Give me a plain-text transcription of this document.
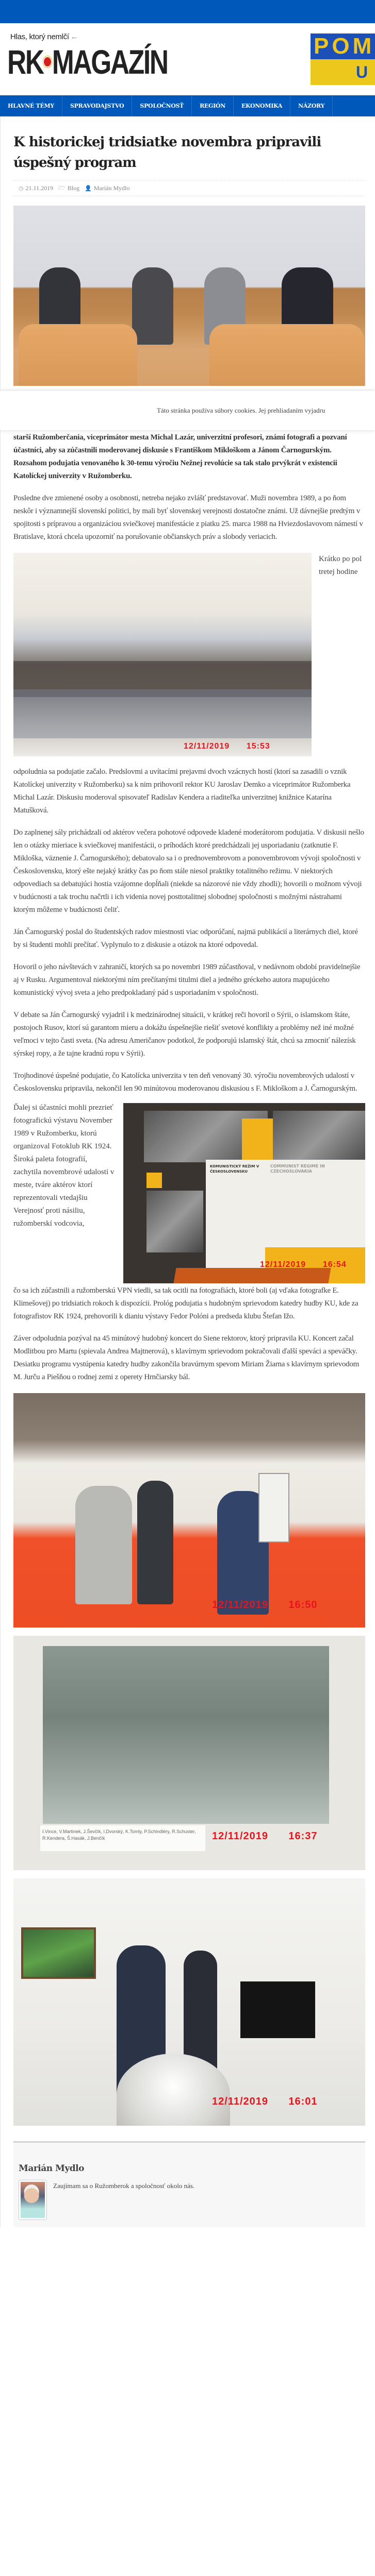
Hlas, ktorý nemlčí ←
RK MAGAZÍN	POM
U
HLAVNÉ TÉMY	SPRAVODAJSTVO	SPOLOČNOSŤ	REGIÓN	EKONOMIKA	NÁZORY
K historickej tridsiatke novembra pripravili úspešný program
◷ 21.11.2019 🗁 Blog 👤 Marián Mydlo
Táto stránka používa súbory cookies. Jej prehliadaním vyjadru

starší Ružomberčania, viceprimátor mesta Michal Lazár, univerzitní profesori, známi fotografi a pozvaní účastníci, aby sa zúčastnili moderovanej diskusie s Františkom Mikloškom a Jánom Čarnogurským. Rozsahom podujatia venovaného k 30-temu výročiu Nežnej revolúcie sa tak stalo prvýkrát v existencii Katolíckej univerzity v Ružomberku.

Posledne dve zmienené osoby a osobnosti, netreba nejako zvlášť predstavovať. Muži novembra 1989, a po ňom neskôr i významnejší slovenskí politici, by mali byť slovenskej verejnosti dostatočne známi. Už dávnejšie predtým v spojitosti s prípravou a organizáciou sviečkovej manifestácie z piatku 25. marca 1988 na Hviezdoslavovom námestí v Bratislave, ktorá chcela upozorniť na porušovanie občianskych práv a slobody veriacich.

12/11/2019      15:53
Krátko po pol tretej hodine

odpoludnia sa podujatie začalo. Predslovmi a uvítacími prejavmi dvoch vzácnych hostí (ktorí sa zasadili o vznik Katolíckej univerzity v Ružomberku) sa k nim prihovoril rektor KU Jaroslav Demko a viceprimátor Ružomberka Michal Lazár. Diskusiu moderoval spisovateľ Radislav Kendera a riaditeľka univerzitnej knižnice Katarína Matušková.

Do zaplnenej sály prichádzali od aktérov večera pohotové odpovede kladené moderátorom podujatia. V diskusii nešlo len o otázky mieriace k sviečkovej manifestácii, o príhodách ktoré predchádzali jej usporiadaniu (zatknutie F. Mikloška, väznenie J. Čarnogurského); debatovalo sa i o prednovembrovom a ponovembrovom vývoji spoločnosti v Československu, ktorý ešte nejaký krátky čas po ňom stále niesol praktiky totalitného režimu. V niektorých odpovediach sa debatujúci hostia vzájomne dopĺňali (niekde sa názorové nie vždy zhodli); hovorili o možnom vývoji v budúcnosti a tak trochu načrtli i ich videnia novej posttotalitnej slobodnej spoločnosti s možnými nástrahami ktorým môžeme v budúcnosti čeliť.

Ján Čarnogurský poslal do študentských radov miestnosti viac odporúčaní, najmä publikácií a literárnych diel, ktoré by si študenti mohli prečítať. Vyplynulo to z diskusie a otázok na ktoré odpovedal.

Hovoril o jeho návštevách v zahraničí, ktorých sa po novembri 1989 zúčastňoval, v nedávnom období pravidelnejšie aj v Rusku. Argumentoval niektorými ním prečítanými titulmi diel a jedného gréckeho autora mapujúceho komunistický vývoj sveta a jeho predpokladaný pád s usporiadaním v spoločnosti.

V debate sa Ján Čarnogurský vyjadril i k medzinárodnej situácii, v krátkej reči hovoril o Sýrii, o islamskom štáte, postojoch Rusov, ktorí sú garantom mieru a dokážu úspešnejšie riešiť svetové konflikty a problémy než iné možné veľmoci v tejto časti sveta. (Na adresu Američanov podotkol, že podporujú islamský štát, chcú sa zmocniť nálezísk sýrskej ropy, a že tajne kradnú ropu v Sýrii).

Trojhodinové úspešné podujatie, čo Katolícka univerzita v ten deň venovaný 30. výročiu novembrových udalostí v Československu pripravila, nekončil len 90 minútovou moderovanou diskusiou s F. Mikloškom a J. Čarnogurským.

KOMUNISTICKÝ REŽIM V ČESKOSLOVENSKU
COMMUNIST REGIME IN CZECHOSLOVAKIA
12/11/2019      16:54
Ďalej si účastníci mohli prezrieť fotografickú výstavu November 1989 v Ružomberku, ktorú organizoval Fotoklub RK 1924. Široká paleta fotografií, zachytila novembrové udalosti v meste, tváre aktérov ktorí reprezentovali vtedajšiu Verejnosť proti násiliu, ružomberskí vodcovia,

čo sa ich zúčastnili a ružomberskú VPN viedli, sa tak ocitli na fotografiách, ktoré boli (aj vďaka fotografke E. Klimešovej) po tridsiatich rokoch k dispozícii. Prológ podujatia s hudobným sprievodom katedry hudby KU, kde za fotografistov RK 1924, prehovorili k dianiu výstavy Fedor Polóni a predseda klubu Štefan Ižo.

Záver odpoludnia pozýval na 45 minútový hudobný koncert do Siene rektorov, ktorý pripravila KU. Koncert začal Modlitbou pro Martu (spievala Andrea Majtnerová), s klavírnym sprievodom pokračovali ďalší speváci a speváčky. Desiatku programu vystúpenia katedry hudby zakončila bravúrnym spevom Miriam Žiarna s klavírnym sprievodom M. Jurču a Piešňou o rodnej zemi z operety Hrnčiarsky bál.

12/11/2019      16:50
I.Vince, V.Martinek, J.Ševčík, I.Dvorský, K.Tomly, P.Schindléry, R.Schuster, R.Kendera, Š.Hasák, J.Benčík	12/11/2019      16:37
12/11/2019      16:01
Marián Mydlo
Zaujímam sa o Ružomberok a spoločnosť okolo nás.
